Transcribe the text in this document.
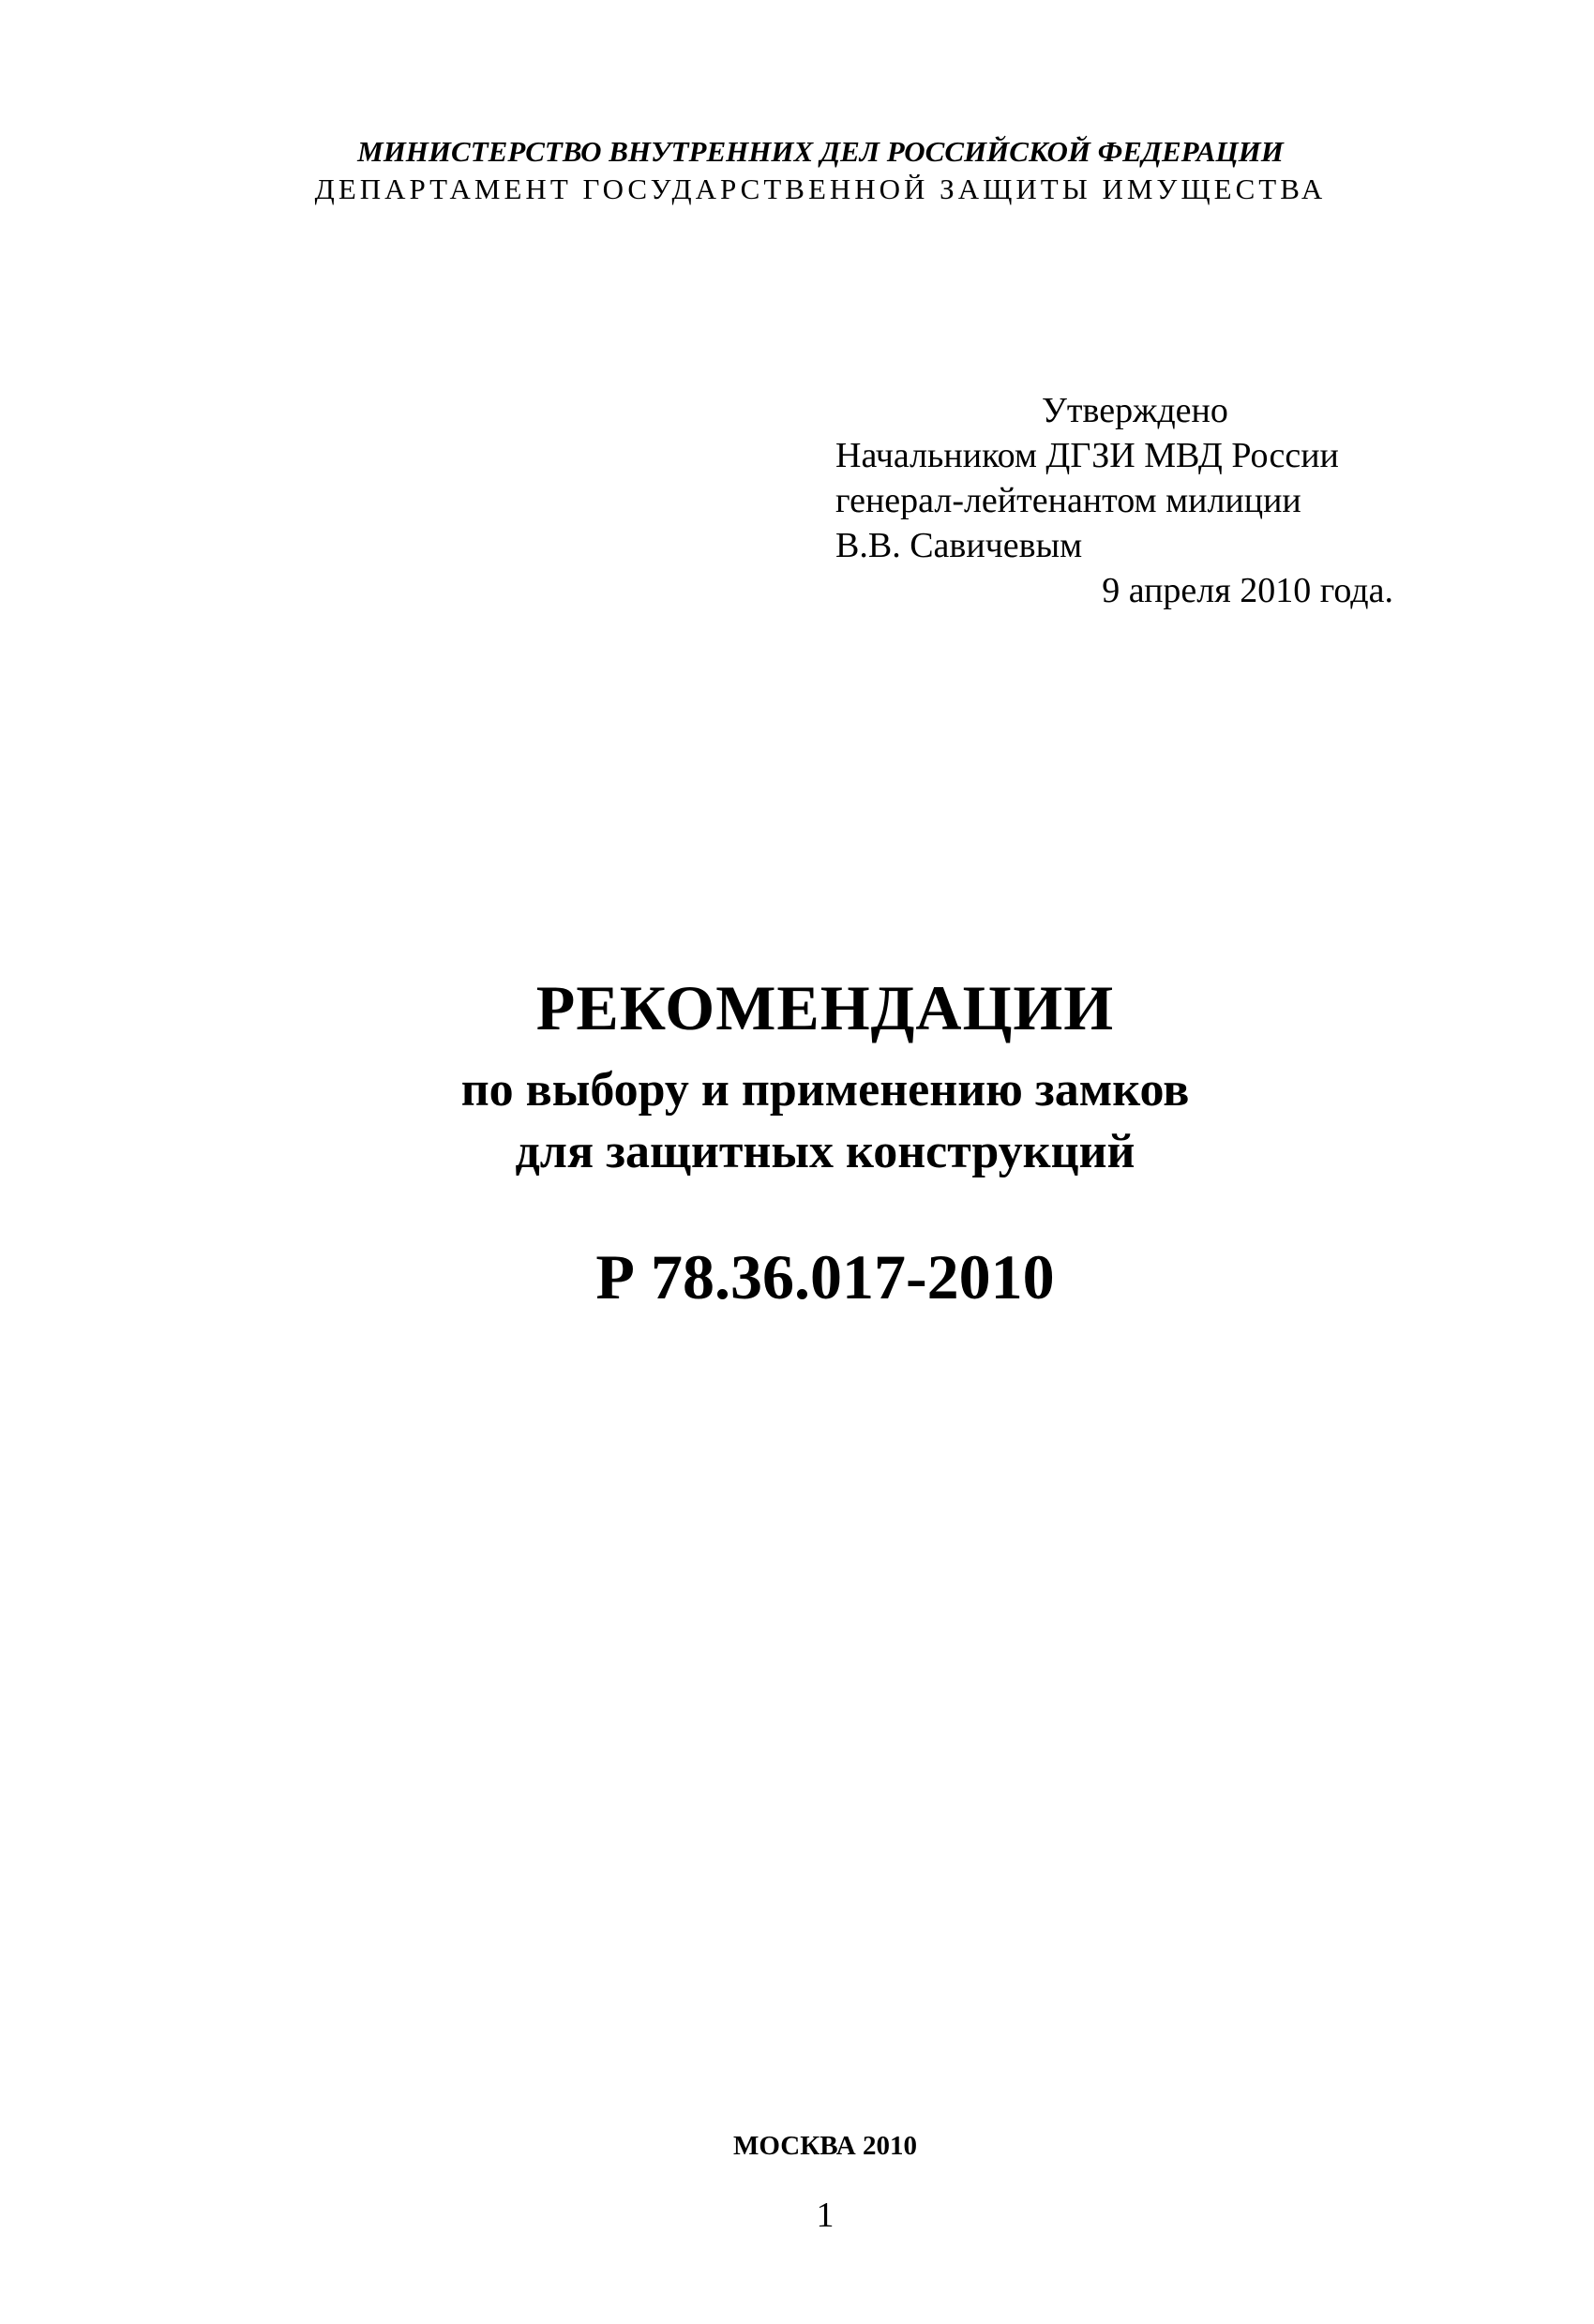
МИНИСТЕРСТВО ВНУТРЕННИХ ДЕЛ РОССИЙСКОЙ ФЕДЕРАЦИИ
ДЕПАРТАМЕНТ ГОСУДАРСТВЕННОЙ ЗАЩИТЫ ИМУЩЕСТВА
Утверждено
Начальником ДГЗИ МВД России
генерал-лейтенантом милиции
В.В. Савичевым
9 апреля 2010 года.
РЕКОМЕНДАЦИИ
по выбору и применению замков
для защитных конструкций
Р 78.36.017-2010
МОСКВА 2010
1
